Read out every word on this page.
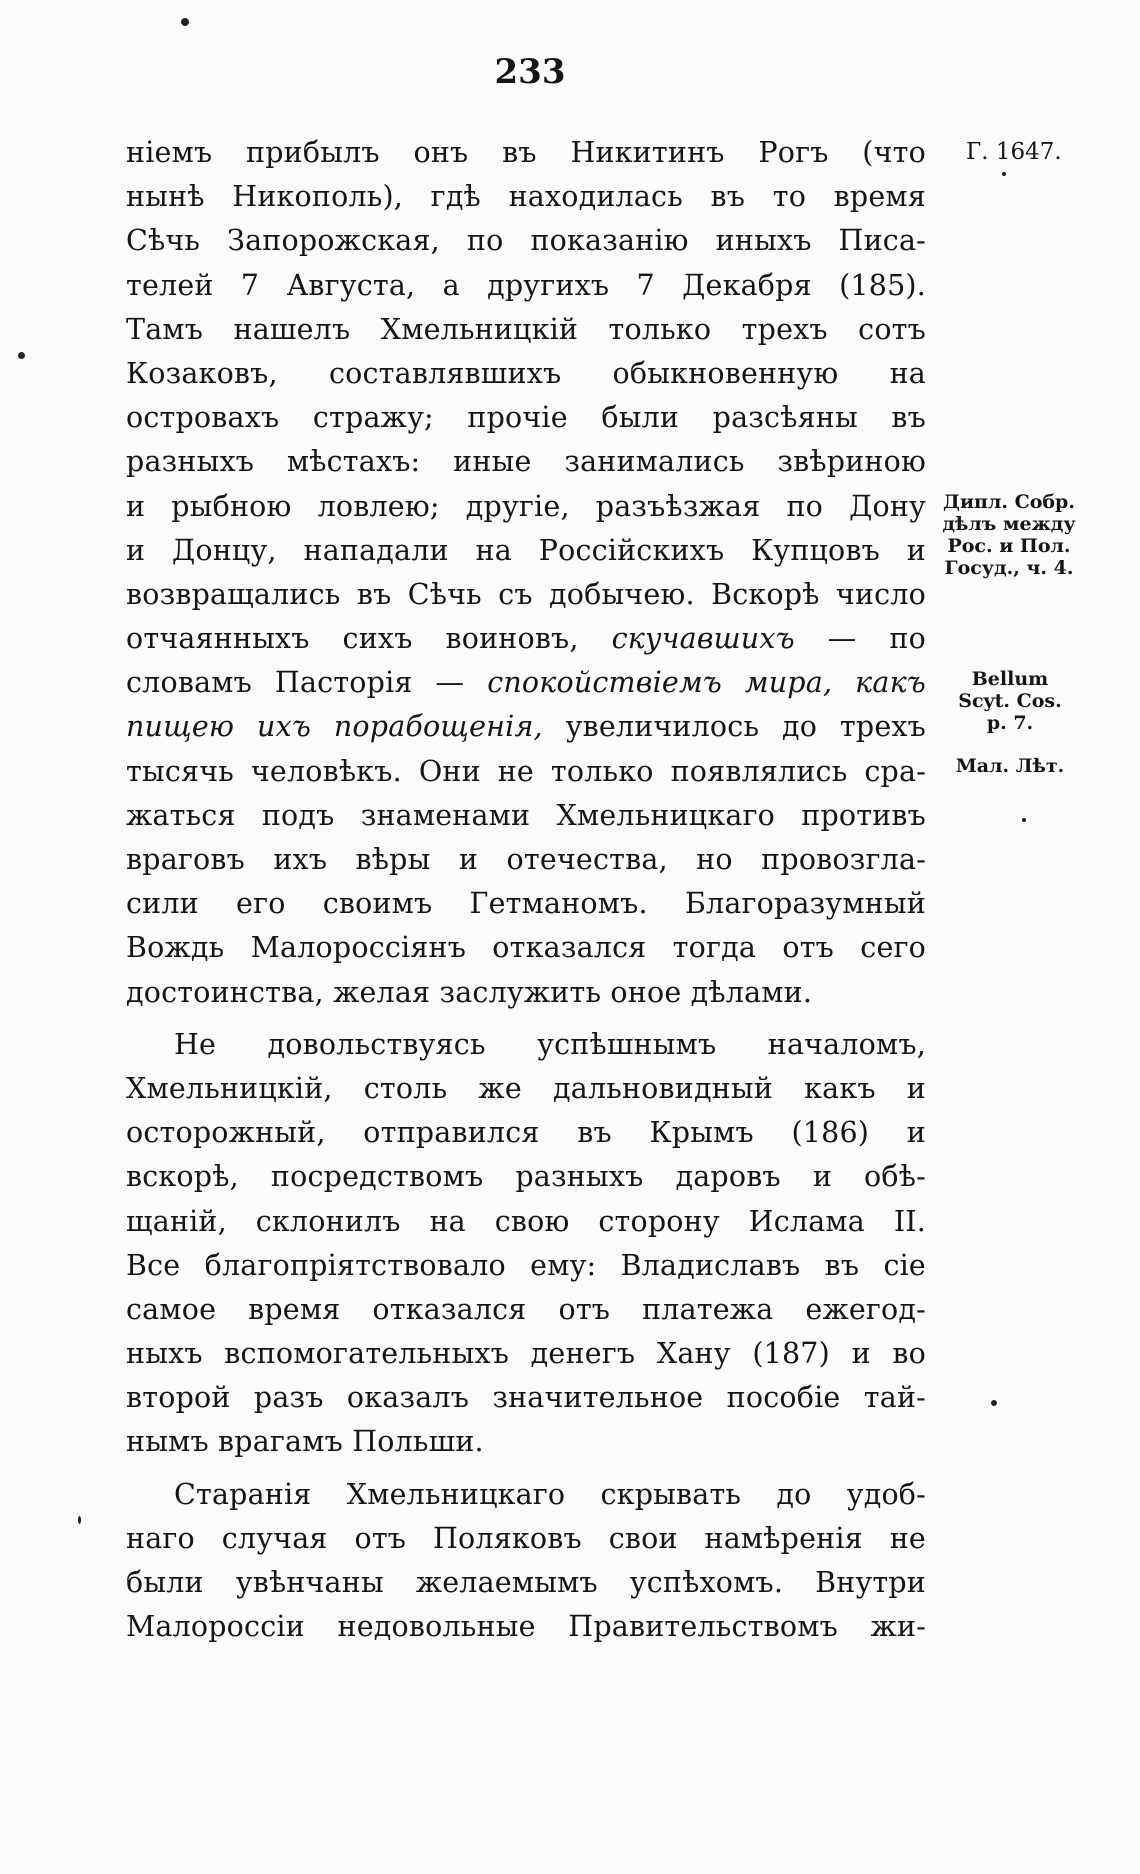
233
ніемъ прибылъ онъ въ Никитинъ Рогъ (что
нынѣ Никополь), гдѣ находилась въ то время
Сѣчь Запорожская, по показанію иныхъ Писа-
телей 7 Августа, а другихъ 7 Декабря (185).
Тамъ нашелъ Хмельницкій только трехъ сотъ
Козаковъ, составлявшихъ обыкновенную на
островахъ стражу; прочіе были разсѣяны въ
разныхъ мѣстахъ: иные занимались звѣриною
и рыбною ловлею; другіе, разъѣзжая по Дону
и Донцу, нападали на Россійскихъ Купцовъ и
возвращались въ Сѣчь съ добычею. Вскорѣ число
отчаянныхъ сихъ воиновъ, скучавшихъ — по
словамъ Пасторія — спокойствіемъ мира, какъ
пищею ихъ порабощенія, увеличилось до трехъ
тысячь человѣкъ. Они не только появлялись сра-
жаться подъ знаменами Хмельницкаго противъ
враговъ ихъ вѣры и отечества, но провозгла-
сили его своимъ Гетманомъ. Благоразумный
Вождь Малороссіянъ отказался тогда отъ сего
достоинства, желая заслужить оное дѣлами.
Не довольствуясь успѣшнымъ началомъ,
Хмельницкій, столь же дальновидный какъ и
осторожный, отправился въ Крымъ (186) и
вскорѣ, посредствомъ разныхъ даровъ и обѣ-
щаній, склонилъ на свою сторону Ислама II.
Все благопріятствовало ему: Владиславъ въ сіе
самое время отказался отъ платежа ежегод-
ныхъ вспомогательныхъ денегъ Хану (187) и во
второй разъ оказалъ значительное пособіе тай-
нымъ врагамъ Польши.
Старанія Хмельницкаго скрывать до удоб-
наго случая отъ Поляковъ свои намѣренія не
были увѣнчаны желаемымъ успѣхомъ. Внутри
Малороссіи недовольные Правительствомъ жи-
Г. 1647.
Дипл. Собр.
дѣлъ между
Рос. и Пол.
Госуд., ч. 4.
Bellum
Scyt. Cos.
p. 7.
Мал. Лѣт.
